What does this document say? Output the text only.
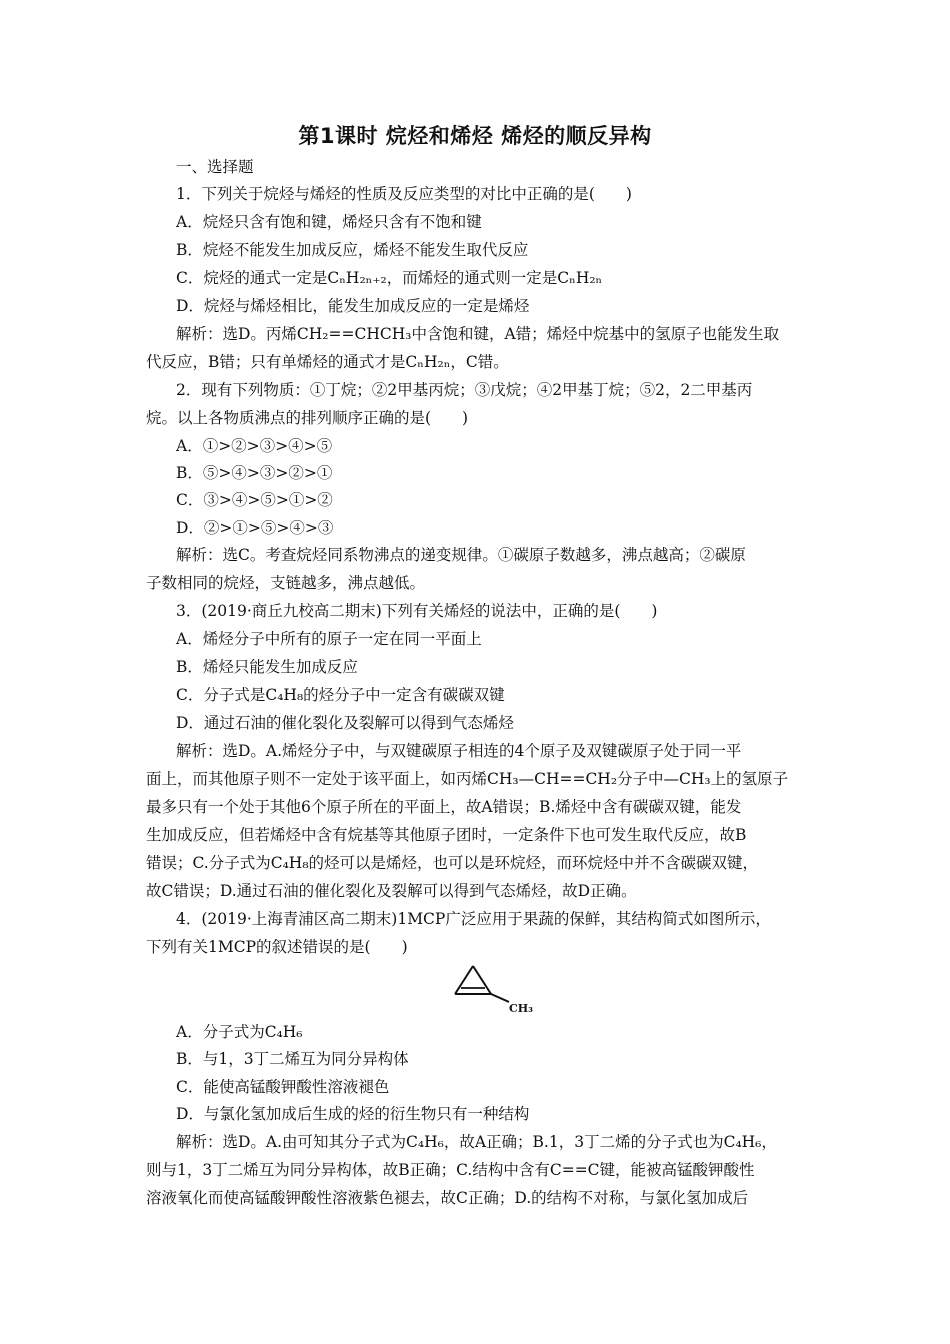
第1课时 烷烃和烯烃 烯烃的顺反异构
一、选择题
1．下列关于烷烃与烯烃的性质及反应类型的对比中正确的是(　　)
A．烷烃只含有饱和键，烯烃只含有不饱和键
B．烷烃不能发生加成反应，烯烃不能发生取代反应
C．烷烃的通式一定是CₙH₂ₙ₊₂，而烯烃的通式则一定是CₙH₂ₙ
D．烷烃与烯烃相比，能发生加成反应的一定是烯烃
解析：选D。丙烯CH₂==CHCH₃中含饱和键，A错；烯烃中烷基中的氢原子也能发生取
代反应，B错；只有单烯烃的通式才是CₙH₂ₙ，C错。
2．现有下列物质：①丁烷；②2甲基丙烷；③戊烷；④2甲基丁烷；⑤2，2二甲基丙
烷。以上各物质沸点的排列顺序正确的是(　　)
A．①>②>③>④>⑤
B．⑤>④>③>②>①
C．③>④>⑤>①>②
D．②>①>⑤>④>③
解析：选C。考查烷烃同系物沸点的递变规律。①碳原子数越多，沸点越高；②碳原
子数相同的烷烃，支链越多，沸点越低。
3．(2019·商丘九校高二期末)下列有关烯烃的说法中，正确的是(　　)
A．烯烃分子中所有的原子一定在同一平面上
B．烯烃只能发生加成反应
C．分子式是C₄H₈的烃分子中一定含有碳碳双键
D．通过石油的催化裂化及裂解可以得到气态烯烃
解析：选D。A.烯烃分子中，与双键碳原子相连的4个原子及双键碳原子处于同一平
面上，而其他原子则不一定处于该平面上，如丙烯CH₃—CH==CH₂分子中—CH₃上的氢原子
最多只有一个处于其他6个原子所在的平面上，故A错误；B.烯烃中含有碳碳双键，能发
生加成反应，但若烯烃中含有烷基等其他原子团时，一定条件下也可发生取代反应，故B
错误；C.分子式为C₄H₈的烃可以是烯烃，也可以是环烷烃，而环烷烃中并不含碳碳双键，
故C错误；D.通过石油的催化裂化及裂解可以得到气态烯烃，故D正确。
4．(2019·上海青浦区高二期末)1MCP广泛应用于果蔬的保鲜，其结构简式如图所示，
下列有关1MCP的叙述错误的是(　　)
CH₃
A．分子式为C₄H₆
B．与1，3丁二烯互为同分异构体
C．能使高锰酸钾酸性溶液褪色
D．与氯化氢加成后生成的烃的衍生物只有一种结构
解析：选D。A.由可知其分子式为C₄H₆，故A正确；B.1，3丁二烯的分子式也为C₄H₆，
则与1，3丁二烯互为同分异构体，故B正确；C.结构中含有C==C键，能被高锰酸钾酸性
溶液氧化而使高锰酸钾酸性溶液紫色褪去，故C正确；D.的结构不对称，与氯化氢加成后
